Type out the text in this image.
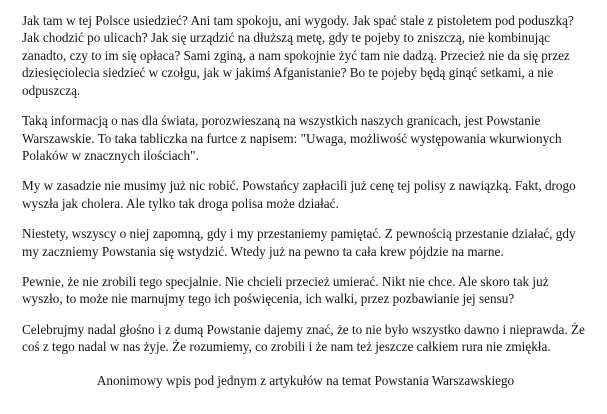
Jak tam w tej Polsce usiedzieć? Ani tam spokoju, ani wygody. Jak spać stale z pistoletem pod poduszką? Jak chodzić po ulicach? Jak się urządzić na dłuższą metę, gdy te pojeby to zniszczą, nie kombinując zanadto, czy to im się opłaca? Sami zginą, a nam spokojnie żyć tam nie dadzą. Przecież nie da się przez dziesięciolecia siedzieć w czołgu, jak w jakimś Afganistanie? Bo te pojeby będą ginąć setkami, a nie odpuszczą.

Taką informacją o nas dla świata, porozwieszaną na wszystkich naszych granicach, jest Powstanie Warszawskie. To taka tabliczka na furtce z napisem: "Uwaga, możliwość występowania wkurwionych Polaków w znacznych ilościach".

My w zasadzie nie musimy już nic robić. Powstańcy zapłacili już cenę tej polisy z nawiązką. Fakt, drogo wyszła jak cholera. Ale tylko tak droga polisa może działać.

Niestety, wszyscy o niej zapomną, gdy i my przestaniemy pamiętać. Z pewnością przestanie działać, gdy my zaczniemy Powstania się wstydzić. Wtedy już na pewno ta cała krew pójdzie na marne.

Pewnie, że nie zrobili tego specjalnie. Nie chcieli przecież umierać. Nikt nie chce. Ale skoro tak już wyszło, to może nie marnujmy tego ich poświęcenia, ich walki, przez pozbawianie jej sensu?

Celebrujmy nadal głośno i z dumą Powstanie dajemy znać, że to nie było wszystko dawno i nieprawda. Że coś z tego nadal w nas żyje. Że rozumiemy, co zrobili i że nam też jeszcze całkiem rura nie zmiękła.

Anonimowy wpis pod jednym z artykułów na temat Powstania Warszawskiego
